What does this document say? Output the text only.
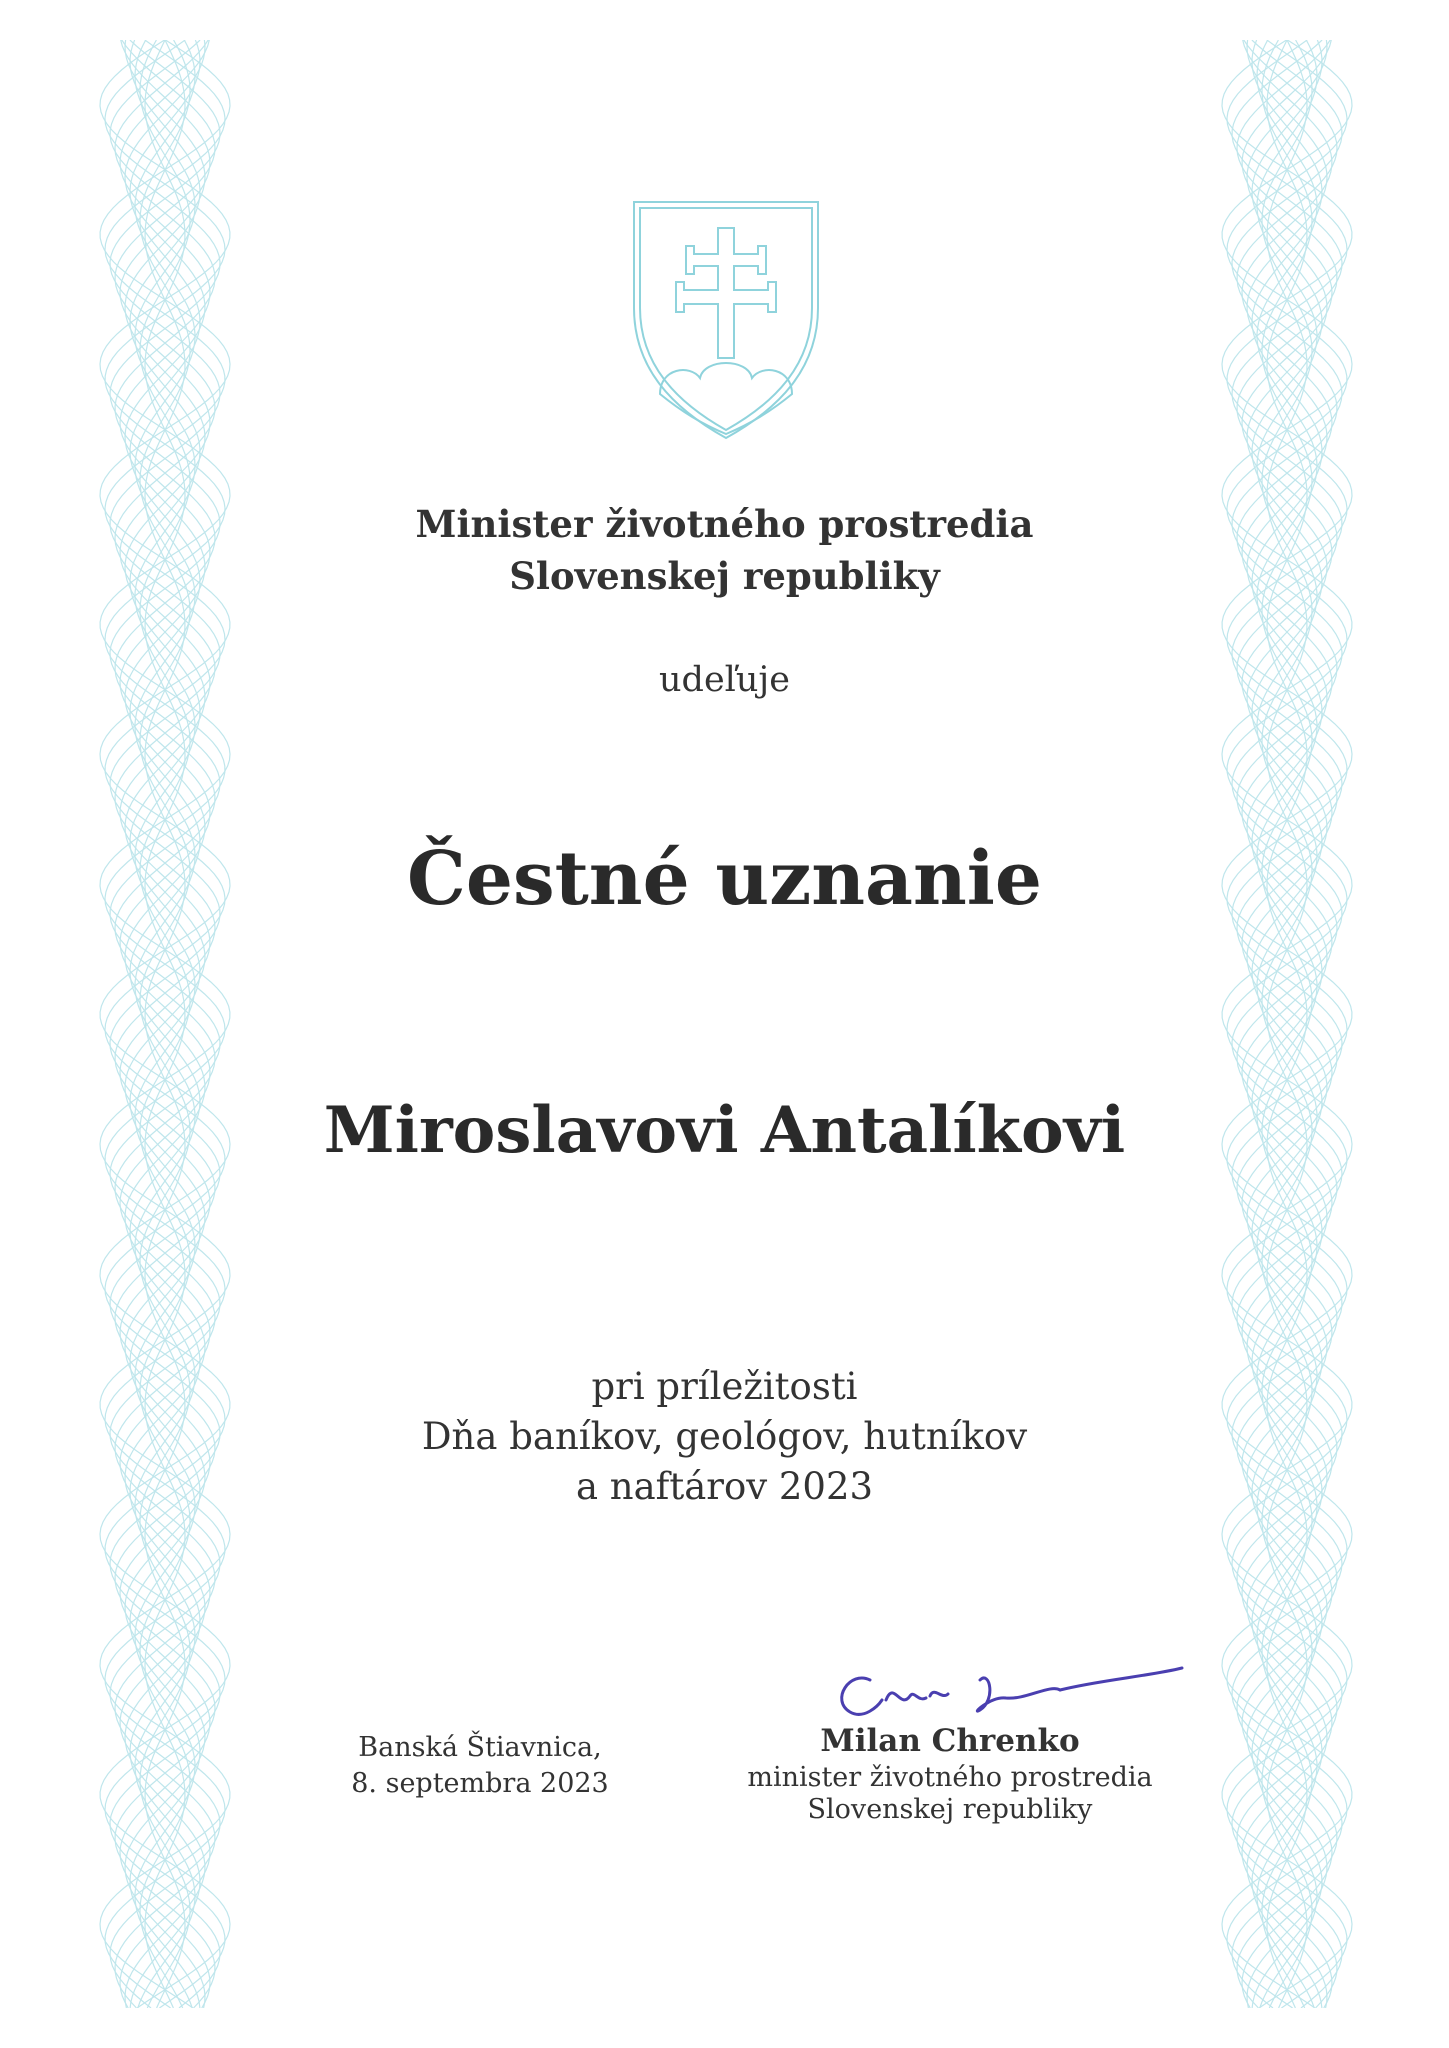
Minister životného prostredia
Slovenskej republiky
udeľuje
Čestné uznanie
Miroslavovi Antalíkovi
pri príležitosti
Dňa baníkov, geológov, hutníkov
a naftárov 2023
Banská Štiavnica,
8. septembra 2023
Milan Chrenko
minister životného prostredia
Slovenskej republiky
